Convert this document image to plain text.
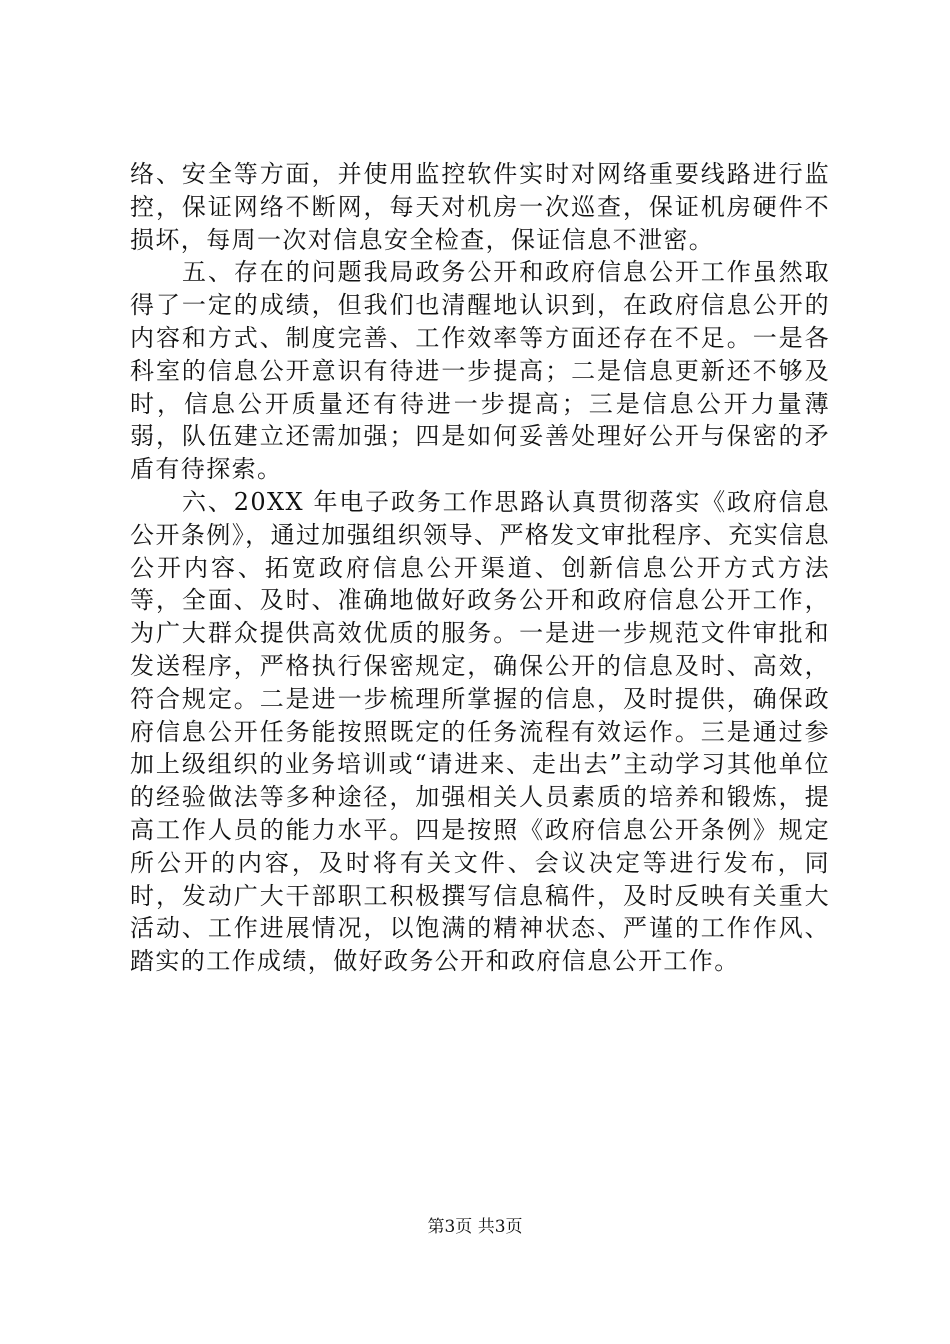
络、安全等方面，并使用监控软件实时对网络重要线路进行监控，保证网络不断网，每天对机房一次巡查，保证机房硬件不损坏，每周一次对信息安全检查，保证信息不泄密。

五、存在的问题我局政务公开和政府信息公开工作虽然取得了一定的成绩，但我们也清醒地认识到，在政府信息公开的内容和方式、制度完善、工作效率等方面还存在不足。一是各科室的信息公开意识有待进一步提高；二是信息更新还不够及时，信息公开质量还有待进一步提高；三是信息公开力量薄弱，队伍建立还需加强；四是如何妥善处理好公开与保密的矛盾有待探索。

六、20XX 年电子政务工作思路认真贯彻落实《政府信息公开条例》，通过加强组织领导、严格发文审批程序、充实信息公开内容、拓宽政府信息公开渠道、创新信息公开方式方法等，全面、及时、准确地做好政务公开和政府信息公开工作，为广大群众提供高效优质的服务。一是进一步规范文件审批和发送程序，严格执行保密规定，确保公开的信息及时、高效，符合规定。二是进一步梳理所掌握的信息，及时提供，确保政府信息公开任务能按照既定的任务流程有效运作。三是通过参加上级组织的业务培训或“请进来、走出去”主动学习其他单位的经验做法等多种途径，加强相关人员素质的培养和锻炼，提高工作人员的能力水平。四是按照《政府信息公开条例》规定所公开的内容，及时将有关文件、会议决定等进行发布，同时，发动广大干部职工积极撰写信息稿件，及时反映有关重大活动、工作进展情况，以饱满的精神状态、严谨的工作作风、踏实的工作成绩，做好政务公开和政府信息公开工作。

第3页 共3页
